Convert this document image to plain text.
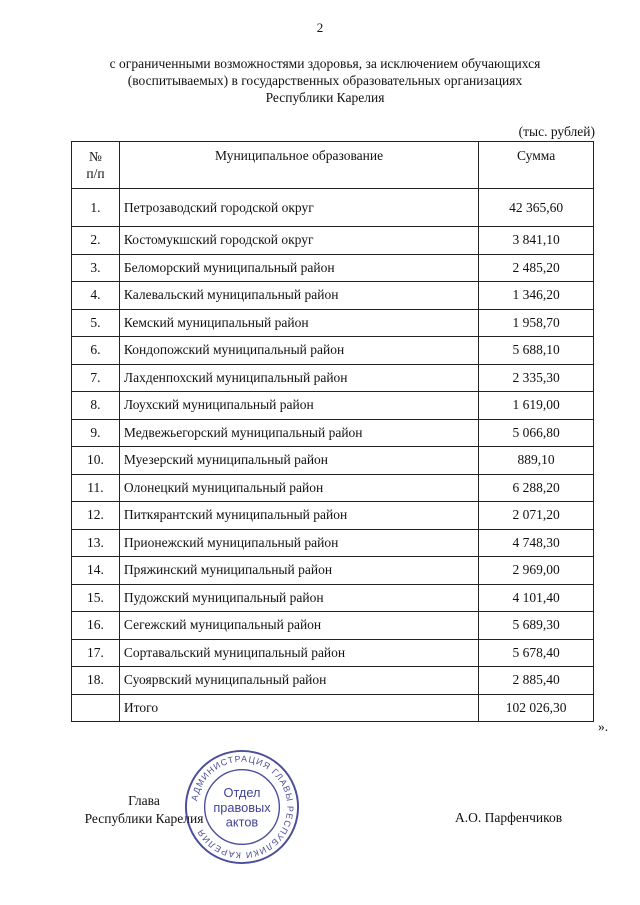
2
с ограниченными возможностями здоровья, за исключением обучающихся
(воспитываемых) в государственных образовательных организациях
Республики Карелия
(тыс. рублей)
№
п/п	Муниципальное образование	Сумма
1.	Петрозаводский городской округ	42 365,60
2.	Костомукшский городской округ	3 841,10
3.	Беломорский муниципальный район	2 485,20
4.	Калевальский муниципальный район	1 346,20
5.	Кемский муниципальный район	1 958,70
6.	Кондопожский муниципальный район	5 688,10
7.	Лахденпохский муниципальный район	2 335,30
8.	Лоухский муниципальный район	1 619,00
9.	Медвежьегорский муниципальный район	5 066,80
10.	Муезерский муниципальный район	889,10
11.	Олонецкий муниципальный район	6 288,20
12.	Питкярантский муниципальный район	2 071,20
13.	Прионежский муниципальный район	4 748,30
14.	Пряжинский муниципальный район	2 969,00
15.	Пудожский муниципальный район	4 101,40
16.	Сегежский муниципальный район	5 689,30
17.	Сортавальский муниципальный район	5 678,40
18.	Суоярвский муниципальный район	2 885,40
	Итого	102 026,30
».
Глава
Республики Карелия	А.О. Парфенчиков
АДМИНИСТРАЦИЯ ГЛАВЫ РЕСПУБЛИКИ КАРЕЛИЯ
Отдел
правовых
актов
